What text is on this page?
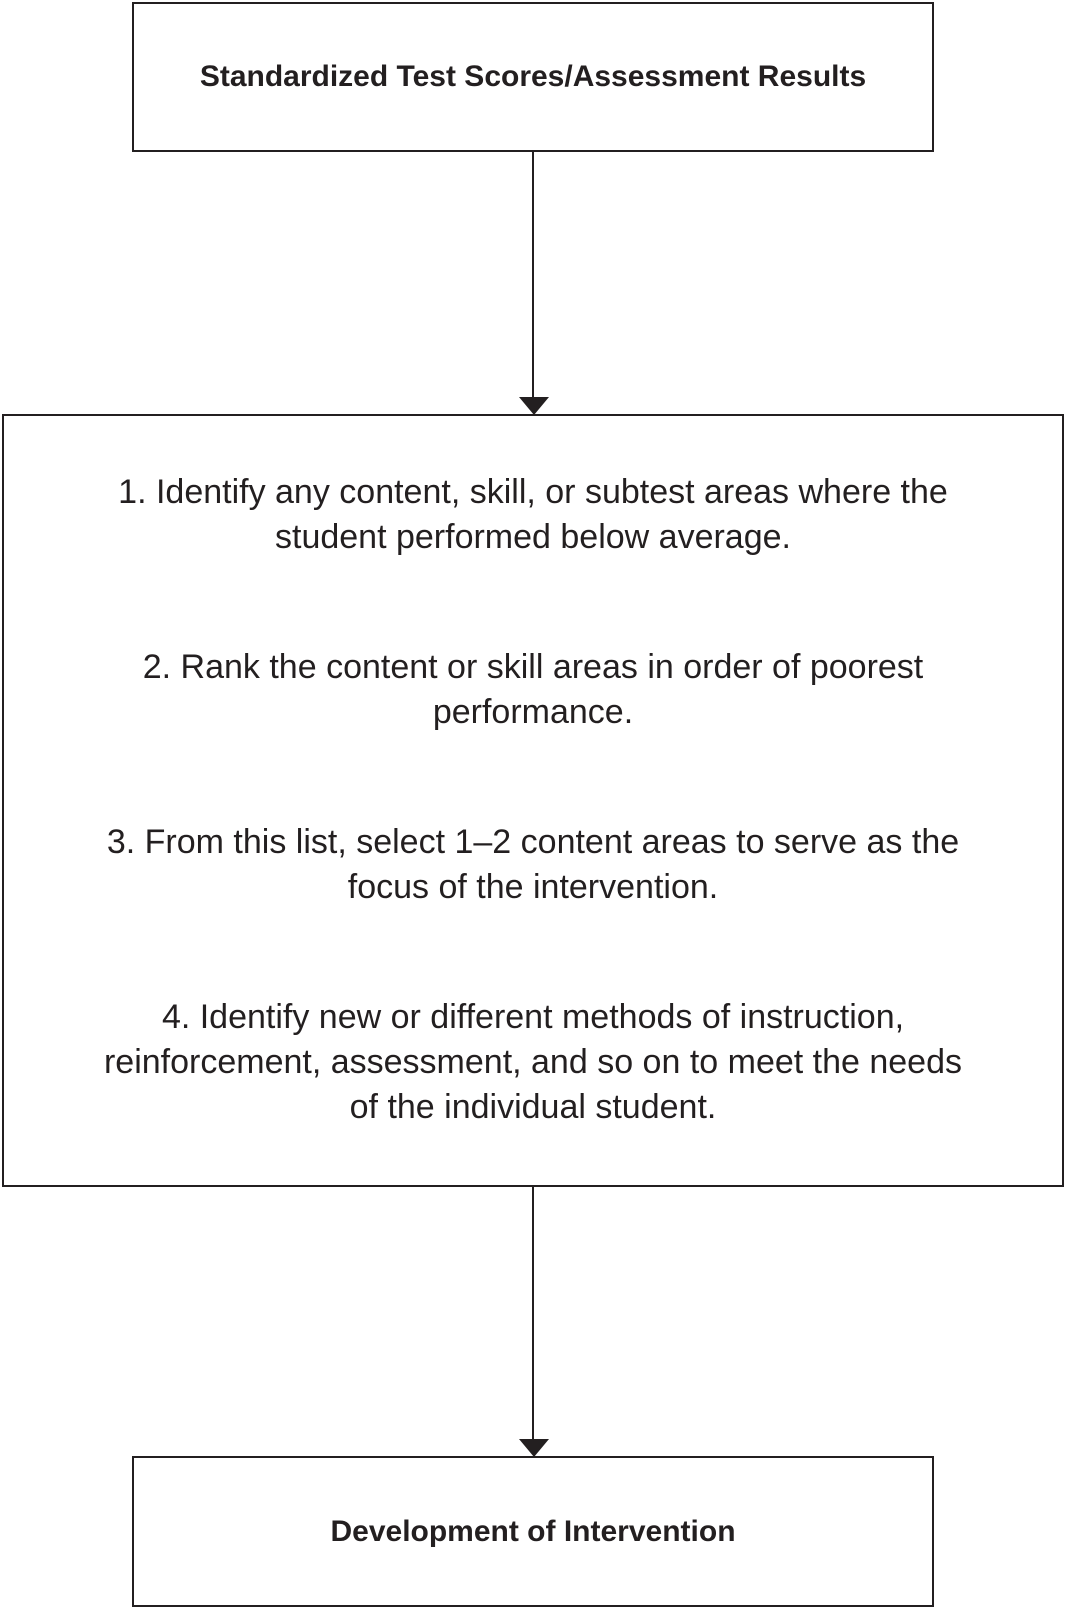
Standardized Test Scores/Assessment Results
1. Identify any content, skill, or subtest areas where the
student performed below average.
2. Rank the content or skill areas in order of poorest
performance.
3. From this list, select 1–2 content areas to serve as the
focus of the intervention.
4. Identify new or different methods of instruction,
reinforcement, assessment, and so on to meet the needs
of the individual student.
Development of Intervention
